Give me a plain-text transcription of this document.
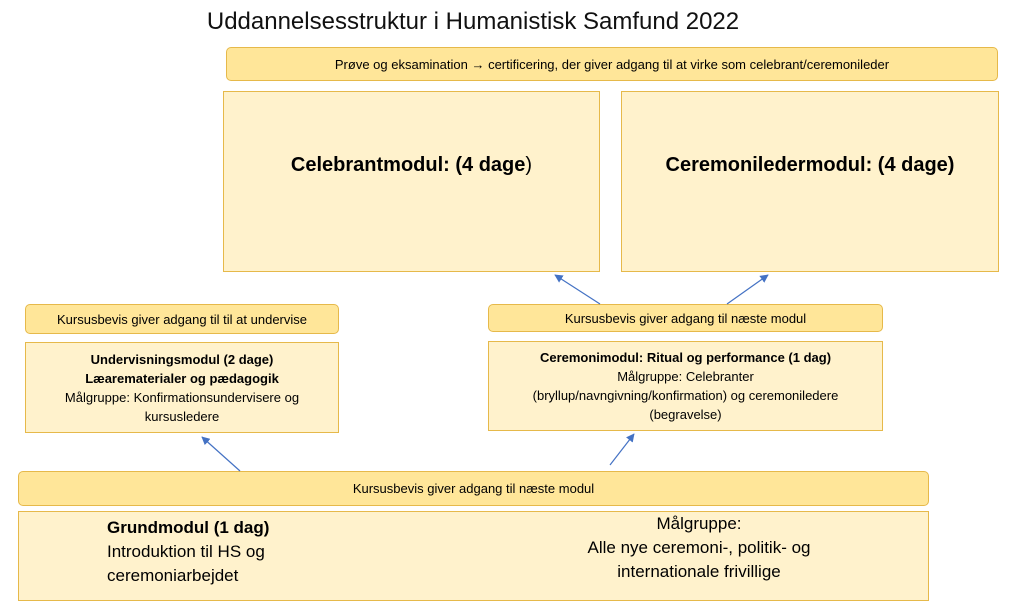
Uddannelsesstruktur i Humanistisk Samfund 2022
Prøve og eksamination → certificering, der giver adgang til at virke som celebrant/ceremonileder
Celebrantmodul: (4 dage)	Ceremoniledermodul: (4 dage)
Kursusbevis giver adgang til til at undervise	Kursusbevis giver adgang til næste modul
Undervisningsmodul (2 dage)
Læarematerialer og pædagogik
Målgruppe: Konfirmationsundervisere og
kursusledere
Ceremonimodul: Ritual og performance (1 dag)
Målgruppe: Celebranter
(bryllup/navngivning/konfirmation) og ceremoniledere
(begravelse)
Kursusbevis giver adgang til næste modul
Grundmodul (1 dag)
Introduktion til HS og
ceremoniarbejdet
Målgruppe:
Alle nye ceremoni-, politik- og
internationale frivillige
